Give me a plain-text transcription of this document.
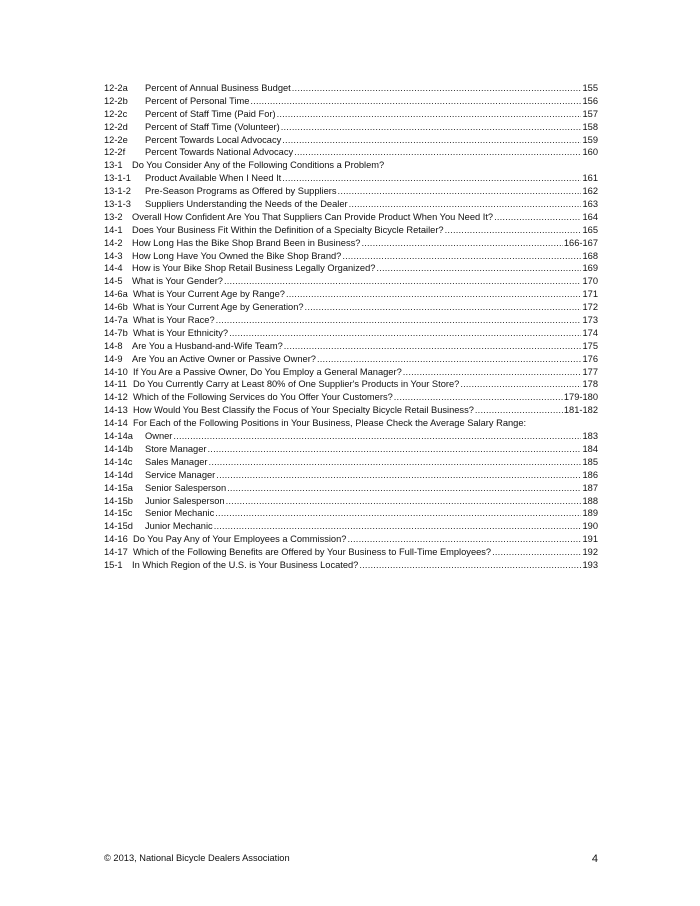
12-2a	Percent of Annual Business Budget .....	155
12-2b	Percent of Personal Time .....	156
12-2c	Percent of Staff Time (Paid For) .....	157
12-2d	Percent of Staff Time (Volunteer) .....	158
12-2e	Percent Towards Local Advocacy .....	159
12-2f	Percent Towards National Advocacy .....	160
13-1	Do You Consider Any of the Following Conditions a Problem?
13-1-1	Product Available When I Need It .....	161
13-1-2	Pre-Season Programs as Offered by Suppliers .....	162
13-1-3	Suppliers Understanding the Needs of the Dealer .....	163
13-2	Overall How Confident Are You That Suppliers Can Provide Product When You Need It? .....	164
14-1	Does Your Business Fit Within the Definition of a Specialty Bicycle Retailer? .....	165
14-2	How Long Has the Bike Shop Brand Been in Business? .....	166-167
14-3	How Long Have You Owned the Bike Shop Brand? .....	168
14-4	How is Your Bike Shop Retail Business Legally Organized? .....	169
14-5	What is Your Gender? .....	170
14-6a What is Your Current Age by Range? .....	171
14-6b What is Your Current Age by Generation? .....	172
14-7a What is Your Race? .....	173
14-7b What is Your Ethnicity? .....	174
14-8	Are You a Husband-and-Wife Team? .....	175
14-9	Are You an Active Owner or Passive Owner? .....	176
14-10 If You Are a Passive Owner, Do You Employ a General Manager? .....	177
14-11 Do You Currently Carry at Least 80% of One Supplier's Products in Your Store? .....	178
14-12 Which of the Following Services do You Offer Your Customers? .....	179-180
14-13 How Would You Best Classify the Focus of Your Specialty Bicycle Retail Business? .....	181-182
14-14 For Each of the Following Positions in Your Business, Please Check the Average Salary Range:
14-14a	Owner .....	183
14-14b	Store Manager .....	184
14-14c	Sales Manager .....	185
14-14d	Service Manager .....	186
14-15a	Senior Salesperson .....	187
14-15b	Junior Salesperson .....	188
14-15c	Senior Mechanic .....	189
14-15d	Junior Mechanic .....	190
14-16 Do You Pay Any of Your Employees a Commission? .....	191
14-17 Which of the Following Benefits are Offered by Your Business to Full-Time Employees? .....	192
15-1	In Which Region of the U.S. is Your Business Located? .....	193
© 2013, National Bicycle Dealers Association	4
